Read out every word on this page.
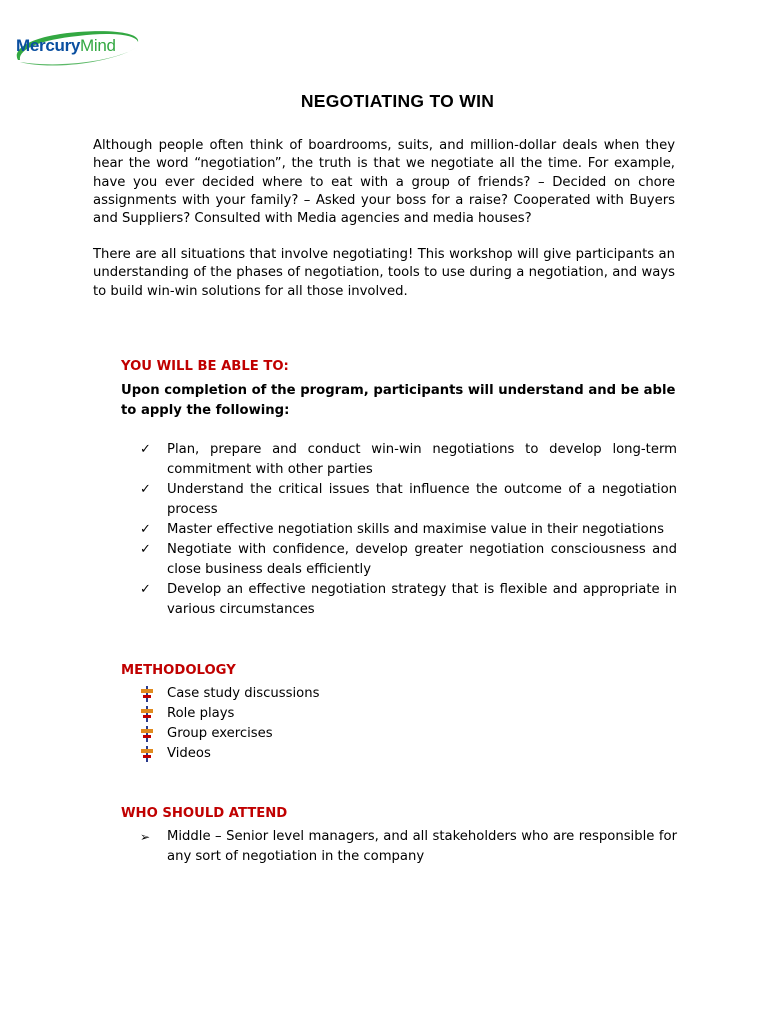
MercuryMind
NEGOTIATING TO WIN
Although people often think of boardrooms, suits, and million-dollar deals when they hear the word “negotiation”, the truth is that we negotiate all the time. For example, have you ever decided where to eat with a group of friends? – Decided on chore assignments with your family? – Asked your boss for a raise? Cooperated with Buyers and Suppliers? Consulted with Media agencies and media houses?
There are all situations that involve negotiating! This workshop will give participants an understanding of the phases of negotiation, tools to use during a negotiation, and ways to build win-win solutions for all those involved.
YOU WILL BE ABLE TO:
Upon completion of the program, participants will understand and be able to apply the following:
✓	Plan, prepare and conduct win-win negotiations to develop long-term commitment with other parties
✓	Understand the critical issues that influence the outcome of a negotiation process
✓	Master effective negotiation skills and maximise value in their negotiations
✓	Negotiate with confidence, develop greater negotiation consciousness and close business deals efficiently
✓	Develop an effective negotiation strategy that is flexible and appropriate in various circumstances
METHODOLOGY
Case study discussions
Role plays
Group exercises
Videos
WHO SHOULD ATTEND
➢	Middle – Senior level managers, and all stakeholders who are responsible for any sort of negotiation in the company
